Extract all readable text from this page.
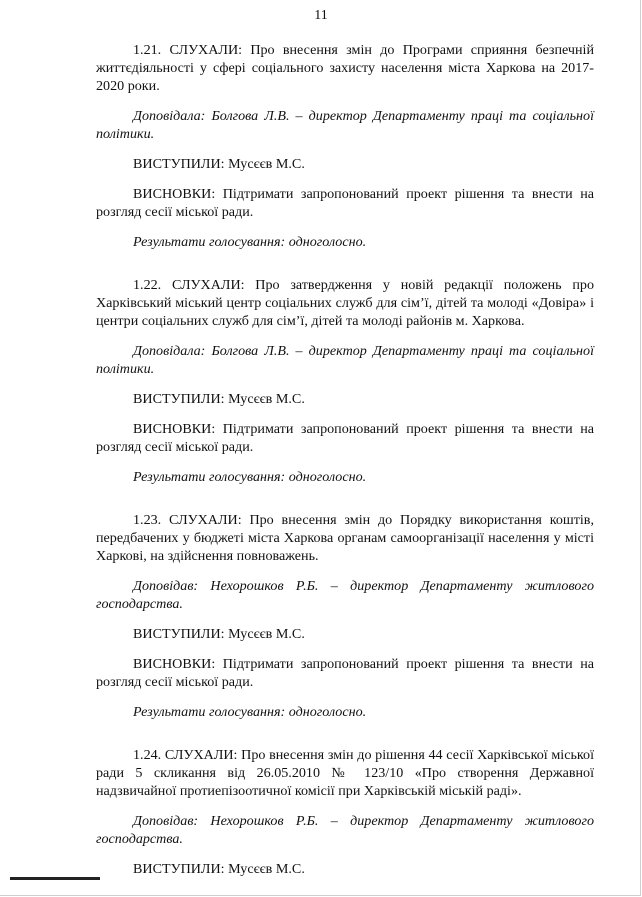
11

1.21. СЛУХАЛИ: Про внесення змін до Програми сприяння безпечній життєдіяльності у сфері соціального захисту населення міста Харкова на 2017-2020 роки.

Доповідала: Болгова Л.В. – директор Департаменту праці та соціальної політики.

ВИСТУПИЛИ: Мусєєв М.С.

ВИСНОВКИ: Підтримати запропонований проект рішення та внести на розгляд сесії міської ради.

Результати голосування: одноголосно.

1.22. СЛУХАЛИ: Про затвердження у новій редакції положень про Харківський міський центр соціальних служб для сім’ї, дітей та молоді «Довіра» і центри соціальних служб для сім’ї, дітей та молоді районів м. Харкова.

Доповідала: Болгова Л.В. – директор Департаменту праці та соціальної політики.

ВИСТУПИЛИ: Мусєєв М.С.

ВИСНОВКИ: Підтримати запропонований проект рішення та внести на розгляд сесії міської ради.

Результати голосування: одноголосно.

1.23. СЛУХАЛИ: Про внесення змін до Порядку використання коштів, передбачених у бюджеті міста Харкова органам самоорганізації населення у місті Харкові, на здійснення повноважень.

Доповідав: Нехорошков Р.Б. – директор Департаменту житлового господарства.

ВИСТУПИЛИ: Мусєєв М.С.

ВИСНОВКИ: Підтримати запропонований проект рішення та внести на розгляд сесії міської ради.

Результати голосування: одноголосно.

1.24. СЛУХАЛИ: Про внесення змін до рішення 44 сесії Харківської міської ради 5 скликання від 26.05.2010 № 123/10 «Про створення Державної надзвичайної протиепізоотичної комісії при Харківській міській раді».

Доповідав: Нехорошков Р.Б. – директор Департаменту житлового господарства.

ВИСТУПИЛИ: Мусєєв М.С.
